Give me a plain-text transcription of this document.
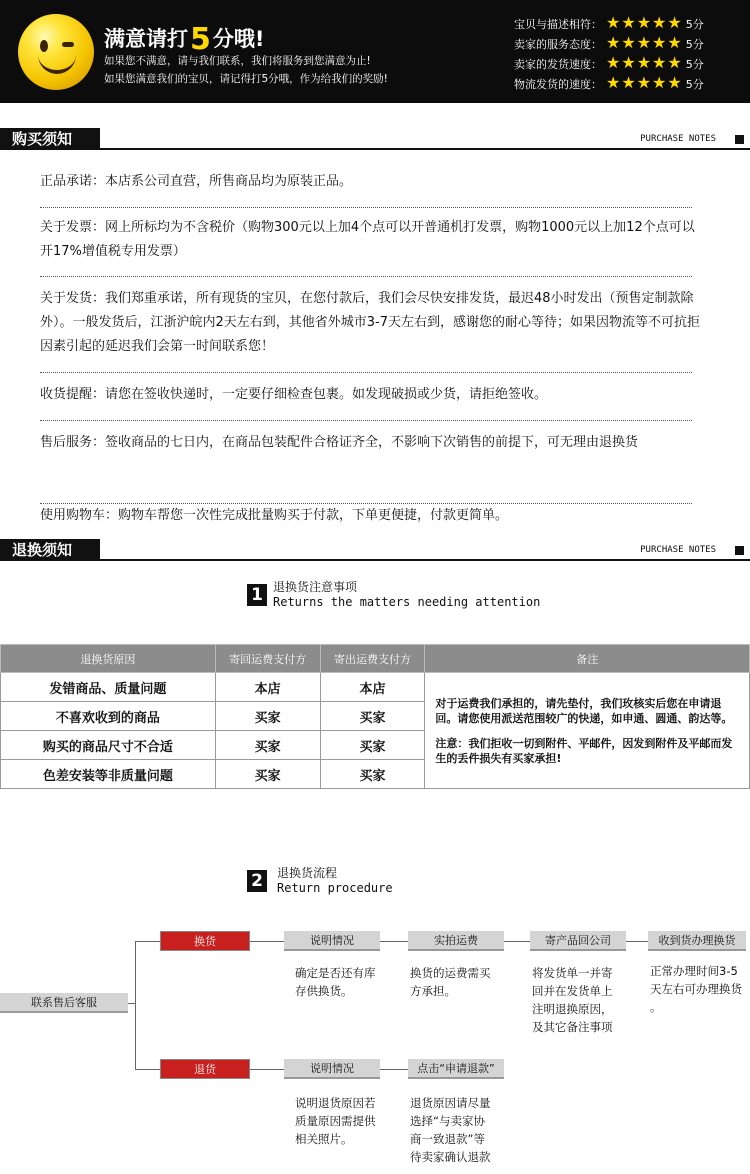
满意请打5分哦!
如果您不满意，请与我们联系，我们将服务到您满意为止!
如果您满意我们的宝贝，请记得打5分哦，作为给我们的奖励!
宝贝与描述相符： ★★★★★ 5分
卖家的服务态度： ★★★★★ 5分
卖家的发货速度： ★★★★★ 5分
物流发货的速度： ★★★★★ 5分
购买须知	PURCHASE NOTES
正品承诺：本店系公司直营，所售商品均为原装正品。
关于发票：网上所标均为不含税价（购物300元以上加4个点可以开普通机打发票，购物1000元以上加12个点可以开17%增值税专用发票）
关于发货：我们郑重承诺，所有现货的宝贝，在您付款后，我们会尽快安排发货，最迟48小时发出（预售定制款除外）。一般发货后，江浙沪皖内2天左右到，其他省外城市3-7天左右到，感谢您的耐心等待；如果因物流等不可抗拒因素引起的延迟我们会第一时间联系您！
收货提醒：请您在签收快递时，一定要仔细检查包裹。如发现破损或少货，请拒绝签收。
售后服务：签收商品的七日内，在商品包装配件合格证齐全，不影响下次销售的前提下，可无理由退换货
使用购物车：购物车帮您一次性完成批量购买于付款，下单更便捷，付款更简单。
退换须知	PURCHASE NOTES
1 退换货注意事项
Returns the matters needing attention
退换货原因	寄回运费支付方	寄出运费支付方	备注
发错商品、质量问题	本店	本店	对于运费我们承担的，请先垫付，我们玫核实后您在申请退回。请您使用派送范围较广的快递，如申通、圆通、韵达等。
注意：我们拒收一切到附件、平邮件，因发到附件及平邮而发生的丢件损失有买家承担!

不喜欢收到的商品	买家	买家	
购买的商品尺寸不合适	买家	买家	
色差安装等非质量问题	买家	买家	
2	退换货流程
Return procedure
联系售后客服
换货	说明情况	实拍运费	寄产品回公司	收到货办理换货
确定是否还有库
存供换货。
换货的运费需买
方承担。
将发货单一并寄
回并在发货单上
注明退换原因，
及其它备注事项
正常办理时间3-5
天左右可办理换货
。
退货	说明情况	点击“申请退款”
说明退货原因若
质量原因需提供
相关照片。
退货原因请尽量
选择“与卖家协
商一致退款”等
待卖家确认退款
